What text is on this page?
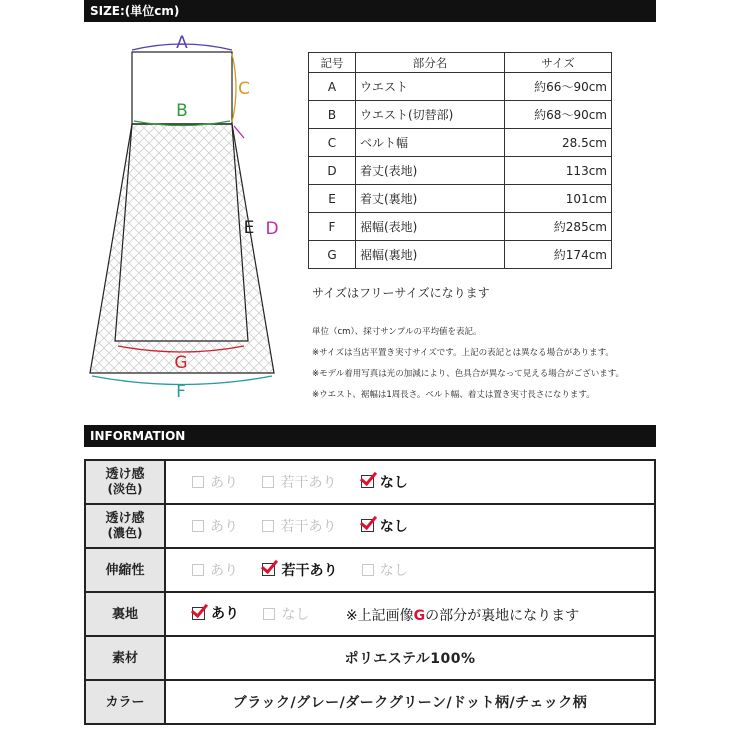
SIZE:(単位cm)
A
B
C
E D
G
F
記号	部分名	サイズ
A	ウエスト	約66〜90cm
B	ウエスト(切替部)	約68〜90cm
C	ベルト幅	28.5cm
D	着丈(表地)	113cm
E	着丈(裏地)	101cm
F	裾幅(表地)	約285cm
G	裾幅(裏地)	約174cm
サイズはフリーサイズになります
単位（cm）、採寸サンプルの平均値を表記。
※サイズは当店平置き実寸サイズです。上記の表記とは異なる場合があります。
※モデル着用写真は光の加減により、色具合が異なって見える場合がございます。
※ウエスト、裾幅は1周長さ。ベルト幅、着丈は置き実寸長さになります。
INFORMATION
透け感
(淡色)	あり
若干あり
なし

透け感
(濃色)	あり
若干あり
なし

伸縮性	あり
若干あり
なし

裏地	あり
なし ※上記画像Gの部分が裏地になります
素材	ポリエステル100%
カラー	ブラック/グレー/ダークグリーン/ドット柄/チェック柄
